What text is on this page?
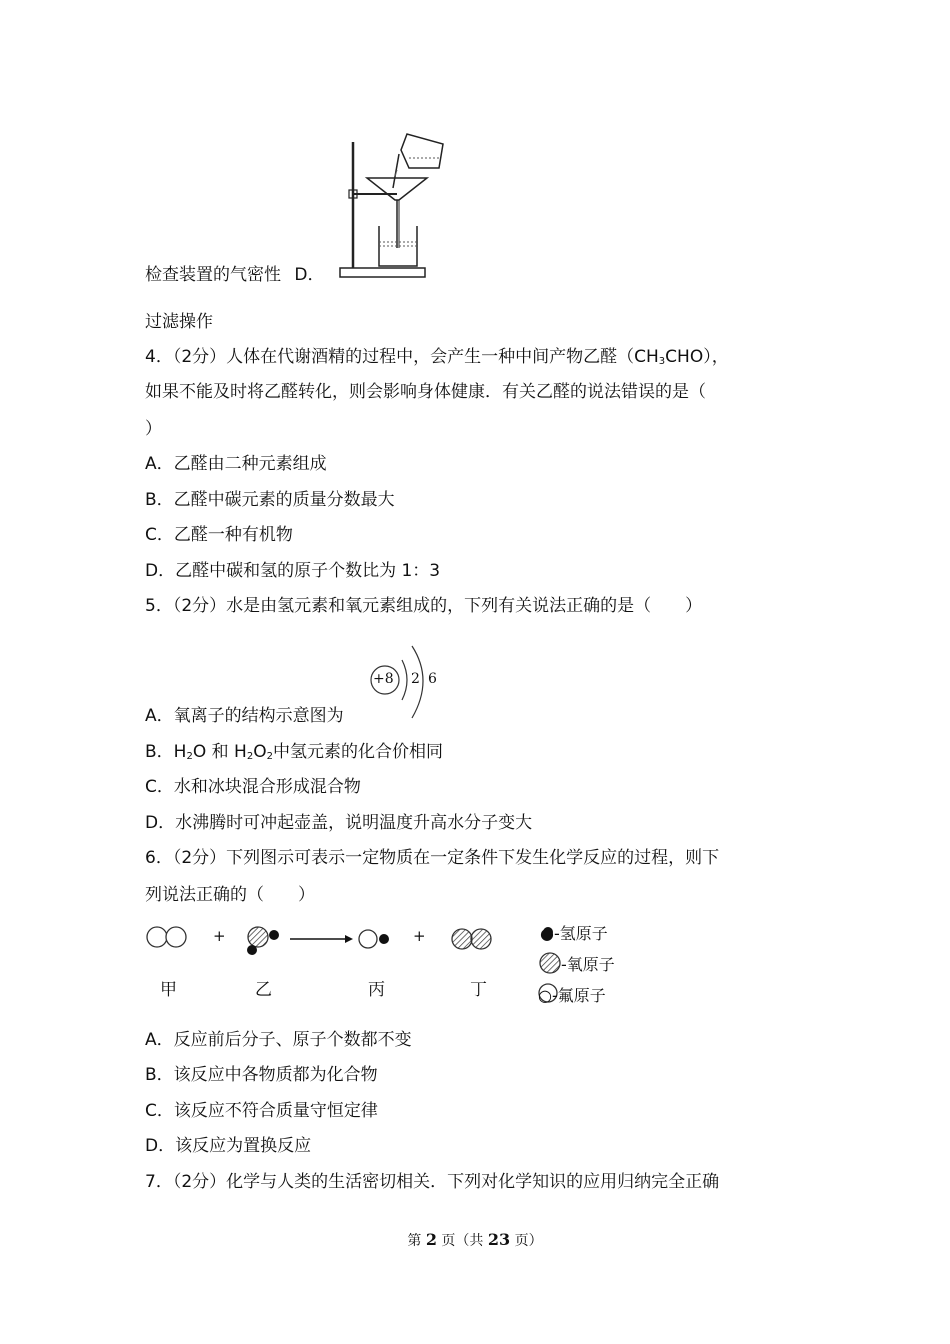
检查装置的气密性 D．
过滤操作
4．（2分）人体在代谢酒精的过程中，会产生一种中间产物乙醛$(CH_3CHO)$，
如果不能及时将乙醛转化，则会影响身体健康．有关乙醛的说法错误的是（
）
A．乙醛由二种元素组成
B．乙醛中碳元素的质量分数最大
C．乙醛一种有机物
D．乙醛中碳和氢的原子个数比为 1：3
5．（2分）水是由氢元素和氧元素组成的，下列有关说法正确的是（　　）
+8 2 6
A．氧离子的结构示意图为
B．$H_2O$ 和 $H_2O_2$中氢元素的化合价相同
C．水和冰块混合形成混合物
D．水沸腾时可冲起壶盖，说明温度升高水分子变大
6．（2分）下列图示可表示一定物质在一定条件下发生化学反应的过程，则下
列说法正确的（　　）
+	+
甲	乙	丙	丁
●-氢原子
-氧原子
○-氟原子
A．反应前后分子、原子个数都不变
B．该反应中各物质都为化合物
C．该反应不符合质量守恒定律
D．该反应为置换反应
7．（2分）化学与人类的生活密切相关．下列对化学知识的应用归纳完全正确
第 2 页（共 23 页）
